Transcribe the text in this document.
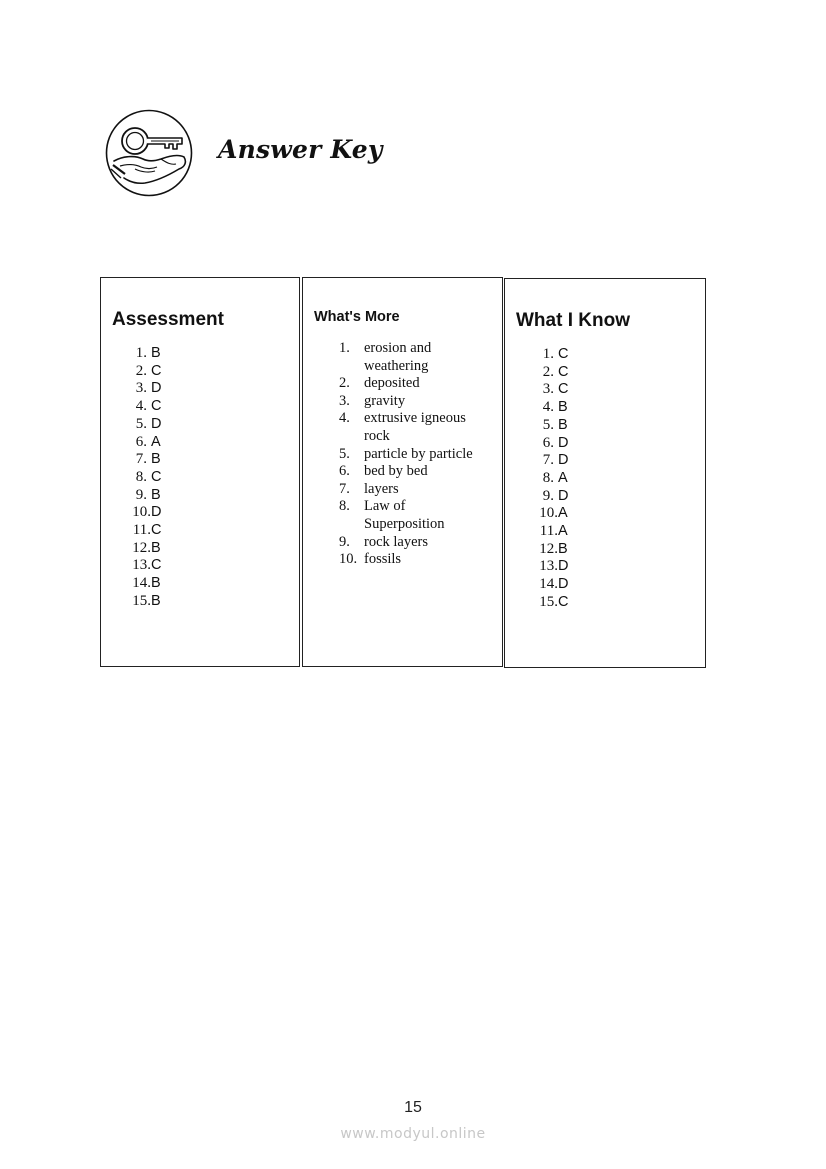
Answer Key
Assessment
1. B
2. C
3. D
4. C
5. D
6. A
7. B
8. C
9. B
10. D
11. C
12. B
13. C
14. B
15. B
What's More
1. erosion and weathering
2. deposited
3. gravity
4. extrusive igneous rock
5. particle by particle
6. bed by bed
7. layers
8. Law of Superposition
9. rock layers
10. fossils
What I Know
1. C
2. C
3. C
4. B
5. B
6. D
7. D
8. A
9. D
10. A
11. A
12. B
13. D
14. D
15. C
15
www.modyul.online
